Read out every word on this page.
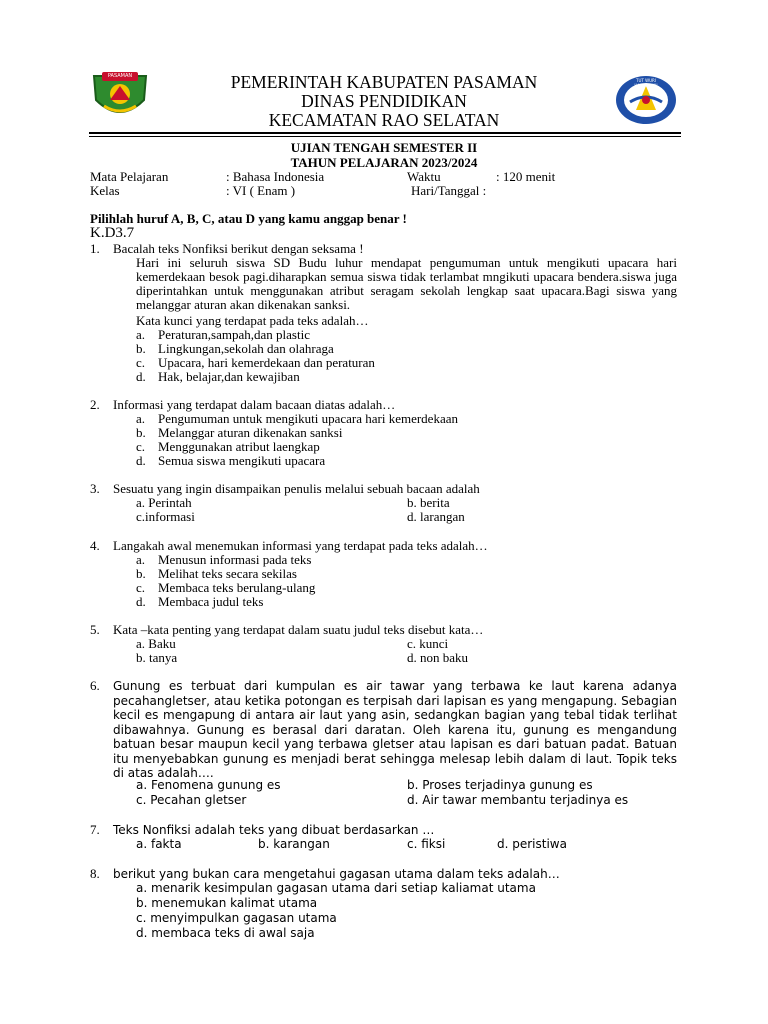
PASAMAN
TUT WURI HANDAYANI
PEMERINTAH KABUPATEN PASAMAN
DINAS PENDIDIKAN
KECAMATAN RAO SELATAN
UJIAN TENGAH SEMESTER II
TAHUN PELAJARAN 2023/2024
Mata Pelajaran	: Bahasa Indonesia	Waktu	: 120 menit
Kelas	: VI ( Enam )	Hari/Tanggal :
Pilihlah huruf A, B, C, atau D yang kamu anggap benar !
K.D3.7
1. Bacalah teks Nonfiksi berikut dengan seksama !
Hari ini seluruh siswa SD Budu luhur mendapat pengumuman untuk mengikuti upacara hari kemerdekaan besok pagi.diharapkan semua siswa tidak terlambat mngikuti upacara bendera.siswa juga diperintahkan untuk menggunakan atribut seragam sekolah lengkap saat upacara.Bagi siswa yang melanggar aturan akan dikenakan sanksi.
Kata kunci yang terdapat pada teks adalah…
a. Peraturan,sampah,dan plastic
b. Lingkungan,sekolah dan olahraga
c. Upacara, hari kemerdekaan dan peraturan
d. Hak, belajar,dan kewajiban
2. Informasi yang terdapat dalam bacaan diatas adalah…
a. Pengumuman untuk mengikuti upacara hari kemerdekaan
b. Melanggar aturan dikenakan sanksi
c. Menggunakan atribut laengkap
d. Semua siswa mengikuti upacara
3. Sesuatu yang ingin disampaikan penulis melalui sebuah bacaan adalah
a. Perintah	b. berita
c.informasi	d. larangan
4. Langakah awal menemukan informasi yang terdapat pada teks adalah…
a. Menusun informasi pada teks
b. Melihat teks secara sekilas
c. Membaca teks berulang-ulang
d. Membaca judul teks
5. Kata –kata penting yang terdapat dalam suatu judul teks disebut kata…
a. Baku	c. kunci
b. tanya	d. non baku
6. Gunung es terbuat dari kumpulan es air tawar yang terbawa ke laut karena adanya pecahangletser, atau ketika potongan es terpisah dari lapisan es yang mengapung. Sebagian kecil es mengapung di antara air laut yang asin, sedangkan bagian yang tebal tidak terlihat dibawahnya. Gunung es berasal dari daratan. Oleh karena itu, gunung es mengandung batuan besar maupun kecil yang terbawa gletser atau lapisan es dari batuan padat. Batuan itu menyebabkan gunung es menjadi berat sehingga melesap lebih dalam di laut. Topik teks di atas adalah….
a. Fenomena gunung es	b. Proses terjadinya gunung es
c. Pecahan gletser	d. Air tawar membantu terjadinya es
7. Teks Nonfiksi adalah teks yang dibuat berdasarkan …
a. fakta	b. karangan	c. fiksi	d. peristiwa
8. berikut yang bukan cara mengetahui gagasan utama dalam teks adalah…
a. menarik kesimpulan gagasan utama dari setiap kaliamat utama
b. menemukan kalimat utama
c. menyimpulkan gagasan utama
d. membaca teks di awal saja
